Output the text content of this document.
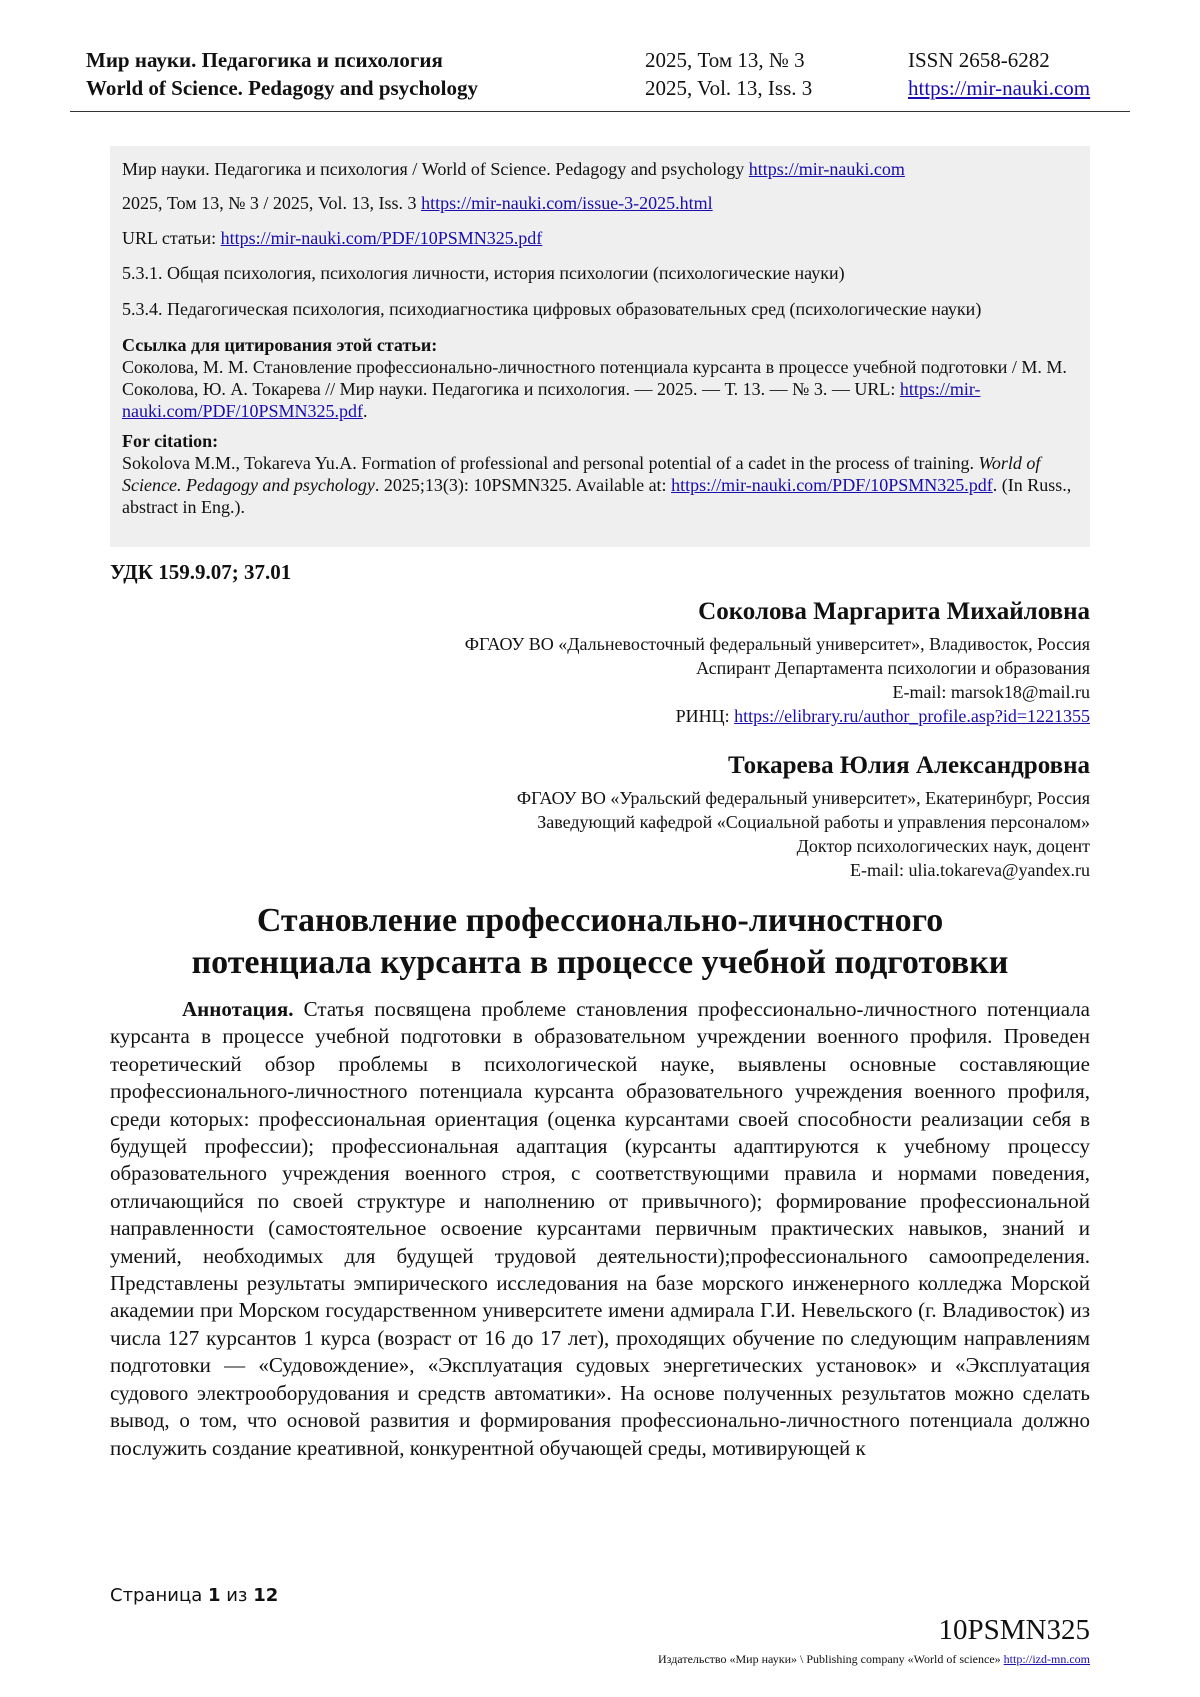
Мир науки. Педагогика и психология	2025, Том 13, № 3	ISSN 2658-6282
World of Science. Pedagogy and psychology	2025, Vol. 13, Iss. 3	https://mir-nauki.com
Мир науки. Педагогика и психология / World of Science. Pedagogy and psychology https://mir-nauki.com
2025, Том 13, № 3 / 2025, Vol. 13, Iss. 3 https://mir-nauki.com/issue-3-2025.html
URL статьи: https://mir-nauki.com/PDF/10PSMN325.pdf
5.3.1. Общая психология, психология личности, история психологии (психологические науки)
5.3.4. Педагогическая психология, психодиагностика цифровых образовательных сред (психологические науки)
Ссылка для цитирования этой статьи:
Соколова, М. М. Становление профессионально-личностного потенциала курсанта в процессе учебной подготовки / М. М. Соколова, Ю. А. Токарева // Мир науки. Педагогика и психология. — 2025. — Т. 13. — № 3. — URL: https://mir-nauki.com/PDF/10PSMN325.pdf.
For citation:
Sokolova M.M., Tokareva Yu.A. Formation of professional and personal potential of a cadet in the process of training. World of Science. Pedagogy and psychology. 2025;13(3): 10PSMN325. Available at: https://mir-nauki.com/PDF/10PSMN325.pdf. (In Russ., abstract in Eng.).
УДК 159.9.07; 37.01
Соколова Маргарита Михайловна
ФГАОУ ВО «Дальневосточный федеральный университет», Владивосток, Россия
Аспирант Департамента психологии и образования
E-mail: marsok18@mail.ru
РИНЦ: https://elibrary.ru/author_profile.asp?id=1221355
Токарева Юлия Александровна
ФГАОУ ВО «Уральский федеральный университет», Екатеринбург, Россия
Заведующий кафедрой «Социальной работы и управления персоналом»
Доктор психологических наук, доцент
E-mail: ulia.tokareva@yandex.ru
Становление профессионально-личностного
потенциала курсанта в процессе учебной подготовки

Аннотация. Статья посвящена проблеме становления профессионально-личностного потенциала курсанта в процессе учебной подготовки в образовательном учреждении военного профиля. Проведен теоретический обзор проблемы в психологической науке, выявлены основные составляющие профессионального-личностного потенциала курсанта образовательного учреждения военного профиля, среди которых: профессиональная ориентация (оценка курсантами своей способности реализации себя в будущей профессии); профессиональная адаптация (курсанты адаптируются к учебному процессу образовательного учреждения военного строя, с соответствующими правила и нормами поведения, отличающийся по своей структуре и наполнению от привычного); формирование профессиональной направленности (самостоятельное освоение курсантами первичным практических навыков, знаний и умений, необходимых для будущей трудовой деятельности);профессионального самоопределения. Представлены результаты эмпирического исследования на базе морского инженерного колледжа Морской академии при Морском государственном университете имени адмирала Г.И. Невельского (г. Владивосток) из числа 127 курсантов 1 курса (возраст от 16 до 17 лет), проходящих обучение по следующим направлениям подготовки — «Судовождение», «Эксплуатация судовых энергетических установок» и «Эксплуатация судового электрооборудования и средств автоматики». На основе полученных результатов можно сделать вывод, о том, что основой развития и формирования профессионально-личностного потенциала должно послужить создание креативной, конкурентной обучающей среды, мотивирующей к

Страница 1 из 12
10PSMN325
Издательство «Мир науки» \ Publishing company «World of science» http://izd-mn.com
